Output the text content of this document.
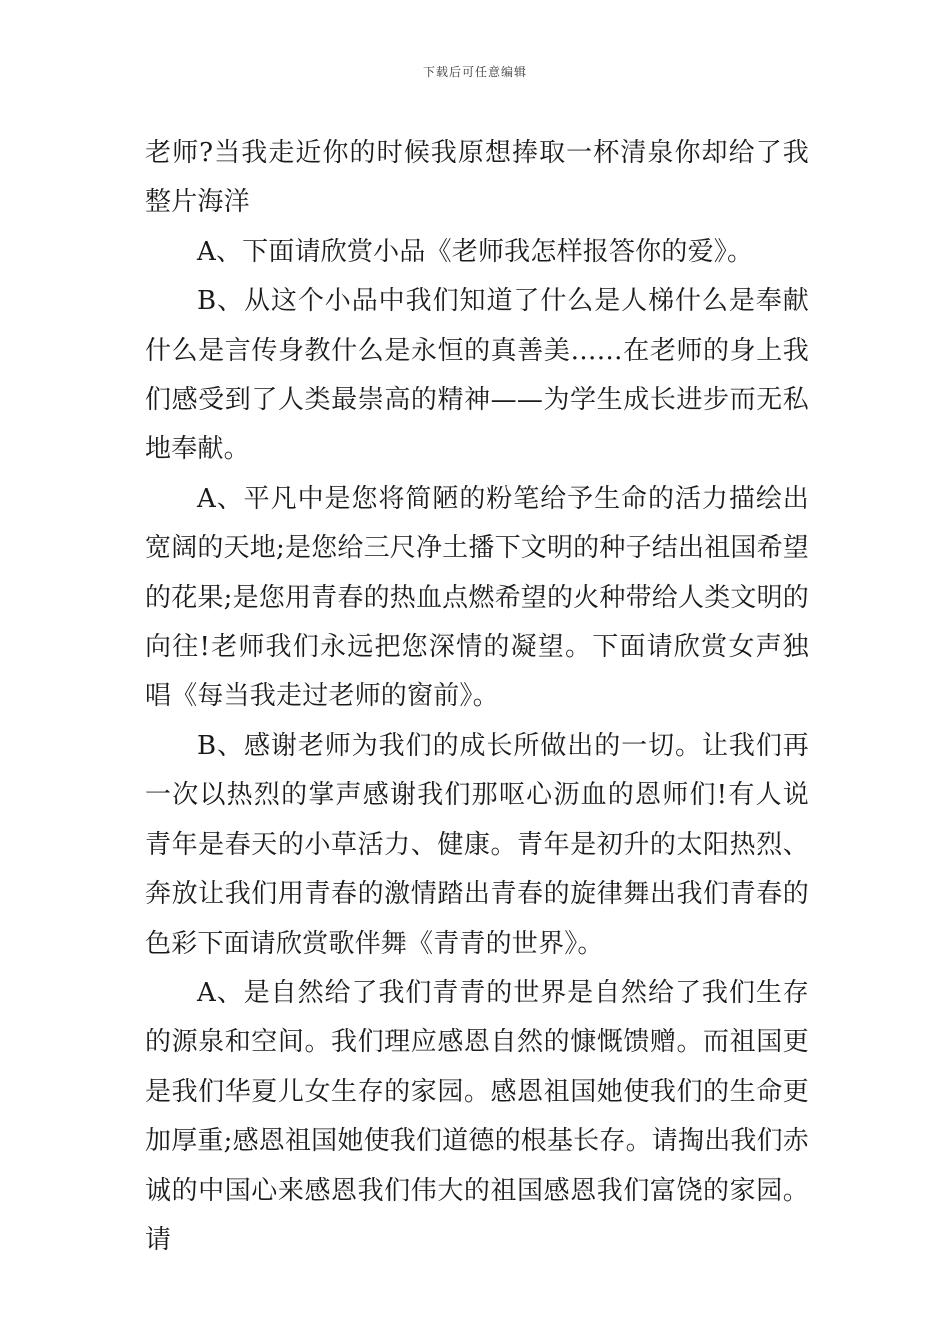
下载后可任意编辑

老师?当我走近你的时候我原想捧取一杯清泉你却给了我整片海洋

A、下面请欣赏小品《老师我怎样报答你的爱》。

B、从这个小品中我们知道了什么是人梯什么是奉献什么是言传身教什么是永恒的真善美……在老师的身上我们感受到了人类最崇高的精神——为学生成长进步而无私地奉献。

A、平凡中是您将简陋的粉笔给予生命的活力描绘出宽阔的天地;是您给三尺净土播下文明的种子结出祖国希望的花果;是您用青春的热血点燃希望的火种带给人类文明的向往!老师我们永远把您深情的凝望。下面请欣赏女声独唱《每当我走过老师的窗前》。

B、感谢老师为我们的成长所做出的一切。让我们再一次以热烈的掌声感谢我们那呕心沥血的恩师们!有人说青年是春天的小草活力、健康。青年是初升的太阳热烈、奔放让我们用青春的激情踏出青春的旋律舞出我们青春的色彩下面请欣赏歌伴舞《青青的世界》。

A、是自然给了我们青青的世界是自然给了我们生存的源泉和空间。我们理应感恩自然的慷慨馈赠。而祖国更是我们华夏儿女生存的家园。感恩祖国她使我们的生命更加厚重;感恩祖国她使我们道德的根基长存。请掏出我们赤诚的中国心来感恩我们伟大的祖国感恩我们富饶的家园。请
